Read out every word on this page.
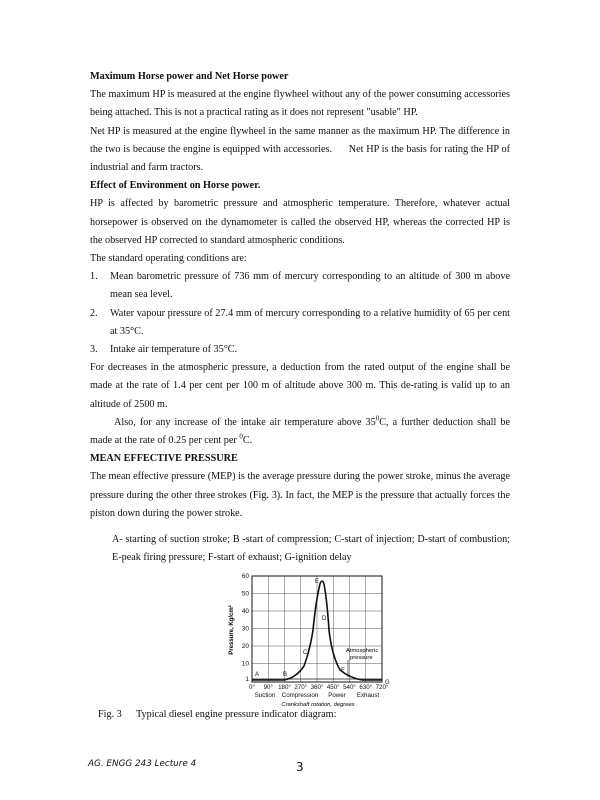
Maximum Horse power and Net Horse power

The maximum HP is measured at the engine flywheel without any of the power consuming accessories being attached. This is not a practical rating as it does not represent "usable" HP.

Net HP is measured at the engine flywheel in the same manner as the maximum HP. The difference in the two is because the engine is equipped with accessories.      Net HP is the basis for rating the HP of industrial and farm tractors.

Effect of Environment on Horse power.

HP is affected by barometric pressure and atmospheric temperature. Therefore, whatever actual horsepower is observed on the dynamometer is called the observed HP, whereas the corrected HP is the observed HP corrected to standard atmospheric conditions.

The standard operating conditions are:

1. Mean barometric pressure of 736 mm of mercury corresponding to an altitude of 300 m above mean sea level.
2. Water vapour pressure of 27.4 mm of mercury corresponding to a relative humidity of 65 per cent at 35°C.
3. Intake air temperature of 35°C.

For decreases in the atmospheric pressure, a deduction from the rated output of the engine shall be made at the rate of 1.4 per cent per 100 m of altitude above 300 m. This de-rating is valid up to an altitude of 2500 m.

Also, for any increase of the intake air temperature above $35^0C$, a further deduction shall be made at the rate of 0.25 per cent per $^0$C.

MEAN EFFECTIVE PRESSURE

The mean effective pressure (MEP) is the average pressure during the power stroke, minus the average pressure during the other three strokes (Fig. 3). In fact, the MEP is the pressure that actually forces the piston down during the power stroke.

A- starting of suction stroke; B -start of compression; C-start of injection; D-start of combustion; E-peak firing pressure; F-start of exhaust; G-ignition delay

60
50
40
30
20
10
1
Pressure, Kg/cm²
0° 90° 180° 270° 360° 450° 540° 630° 720°
Suction Compression Power Exhaust
Crankshaft rotation, degrees
Atmospheric
pressure
A	B
C
D
E
F
G
Fig. 3 Typical diesel engine pressure indicator diagram:
AG. ENGG 243 Lecture 4	3
